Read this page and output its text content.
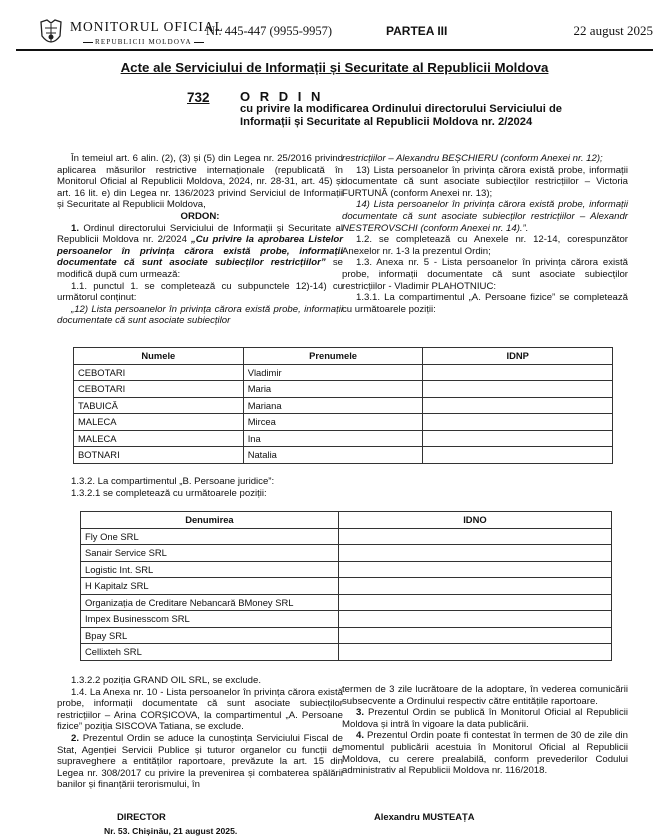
MONITORUL OFICIAL
REPUBLICII MOLDOVA
Nr. 445-447 (9955-9957)	PARTEA III	22 august 2025
Acte ale Serviciului de Informații și Securitate al Republicii Moldova
732 O R D I N
cu privire la modificarea Ordinului directorului Serviciului de Informații și Securitate al Republicii Moldova nr. 2/2024

În temeiul art. 6 alin. (2), (3) și (5) din Legea nr. 25/2016 privind aplicarea măsurilor restrictive internaționale (republicată în Monitorul Oficial al Republicii Moldova, 2024, nr. 28-31, art. 45) și art. 16 lit. e) din Legea nr. 136/2023 privind Serviciul de Informații și Securitate al Republicii Moldova,

ORDON:

1. Ordinul directorului Serviciului de Informații și Securitate al Republicii Moldova nr. 2/2024 „Cu privire la aprobarea Listelor persoanelor în privința cărora există probe, informații documentate că sunt asociate subiecților restricțiilor” se modifică după cum urmează:

1.1. punctul 1. se completează cu subpunctele 12)-14) cu următorul conținut:

„12) Lista persoanelor în privința cărora există probe, informații documentate că sunt asociate subiecților

restricțiilor – Alexandru BEȘCHIERU (conform Anexei nr. 12);

13) Lista persoanelor în privința cărora există probe, informații documentate că sunt asociate subiecților restricțiilor – Victoria FURTUNĂ (conform Anexei nr. 13);

14) Lista persoanelor în privința cărora există probe, informații documentate că sunt asociate subiecților restricțiilor – Alexandr NESTEROVSCHI (conform Anexei nr. 14).”.

1.2. se completează cu Anexele nr. 12-14, corespunzător Anexelor nr. 1-3 la prezentul Ordin;

1.3. Anexa nr. 5 - Lista persoanelor în privința cărora există probe, informații documentate că sunt asociate subiecților restricțiilor - Vladimir PLAHOTNIUC:

1.3.1. La compartimentul „A. Persoane fizice” se completează cu următoarele poziții:

Numele	Prenumele	IDNP
CEBOTARI	Vladimir	
CEBOTARI	Maria	
TABUICĂ	Mariana	
MALECA	Mircea	
MALECA	Ina	
BOTNARI	Natalia	
1.3.2. La compartimentul „B. Persoane juridice”:
1.3.2.1 se completează cu următoarele poziții:
Denumirea	IDNO
Fly One SRL	
Sanair Service SRL	
Logistic Int. SRL	
H Kapitalz SRL	
Organizația de Creditare Nebancară BMoney SRL	
Impex Businesscom SRL	
Bpay SRL	
Cellixteh SRL	

1.3.2.2 poziția GRAND OIL SRL, se exclude.

1.4. La Anexa nr. 10 - Lista persoanelor în privința cărora există probe, informații documentate că sunt asociate subiecților restricțiilor – Arina CORȘICOVA, la compartimentul „A. Persoane fizice” poziția SISCOVA Tatiana, se exclude.

2. Prezentul Ordin se aduce la cunoștința Serviciului Fiscal de Stat, Agenției Servicii Publice și tuturor organelor cu funcții de supraveghere a entităților raportoare, prevăzute la art. 15 din Legea nr. 308/2017 cu privire la prevenirea și combaterea spălării banilor și finanțării terorismului, în

termen de 3 zile lucrătoare de la adoptare, în vederea comunicării subsecvente a Ordinului respectiv către entitățile raportoare.

3. Prezentul Ordin se publică în Monitorul Oficial al Republicii Moldova și intră în vigoare la data publicării.

4. Prezentul Ordin poate fi contestat în termen de 30 de zile din momentul publicării acestuia în Monitorul Oficial al Republicii Moldova, cu cerere prealabilă, conform prevederilor Codului administrativ al Republicii Moldova nr. 116/2018.

DIRECTOR	Alexandru MUSTEAȚA
Nr. 53. Chișinău, 21 august 2025.
